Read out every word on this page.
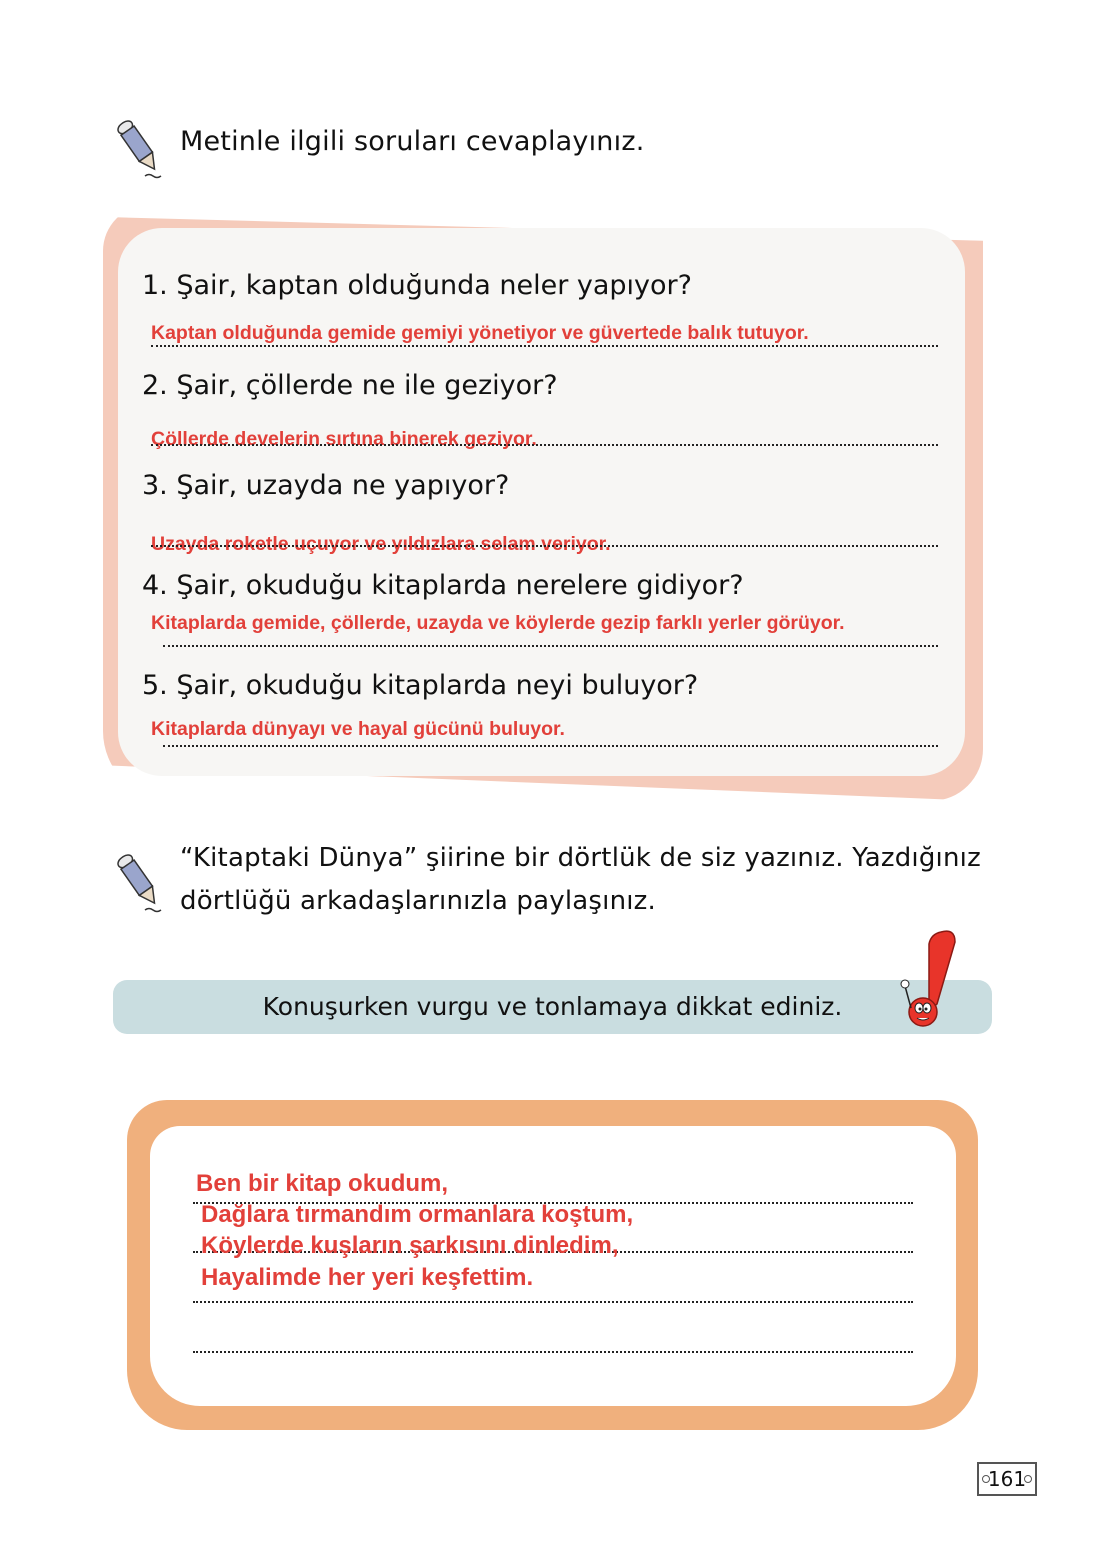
Metinle ilgili soruları cevaplayınız.
1. Şair, kaptan olduğunda neler yapıyor?
Kaptan olduğunda gemide gemiyi yönetiyor ve güvertede balık tutuyor.
2. Şair, çöllerde ne ile geziyor?
Çöllerde develerin sırtına binerek geziyor.
3. Şair, uzayda ne yapıyor?
Uzayda roketle uçuyor ve yıldızlara selam veriyor.
4. Şair, okuduğu kitaplarda nerelere gidiyor?
Kitaplarda gemide, çöllerde, uzayda ve köylerde gezip farklı yerler görüyor.
5. Şair, okuduğu kitaplarda neyi buluyor?
Kitaplarda dünyayı ve hayal gücünü buluyor.
“Kitaptaki Dünya” şiirine bir dörtlük de siz yazınız. Yazdığınız
dörtlüğü arkadaşlarınızla paylaşınız.
Konuşurken vurgu ve tonlamaya dikkat ediniz.
Ben bir kitap okudum,
Dağlara tırmandım ormanlara koştum,
Köylerde kuşların şarkısını dinledim,
Hayalimde her yeri keşfettim.
161
